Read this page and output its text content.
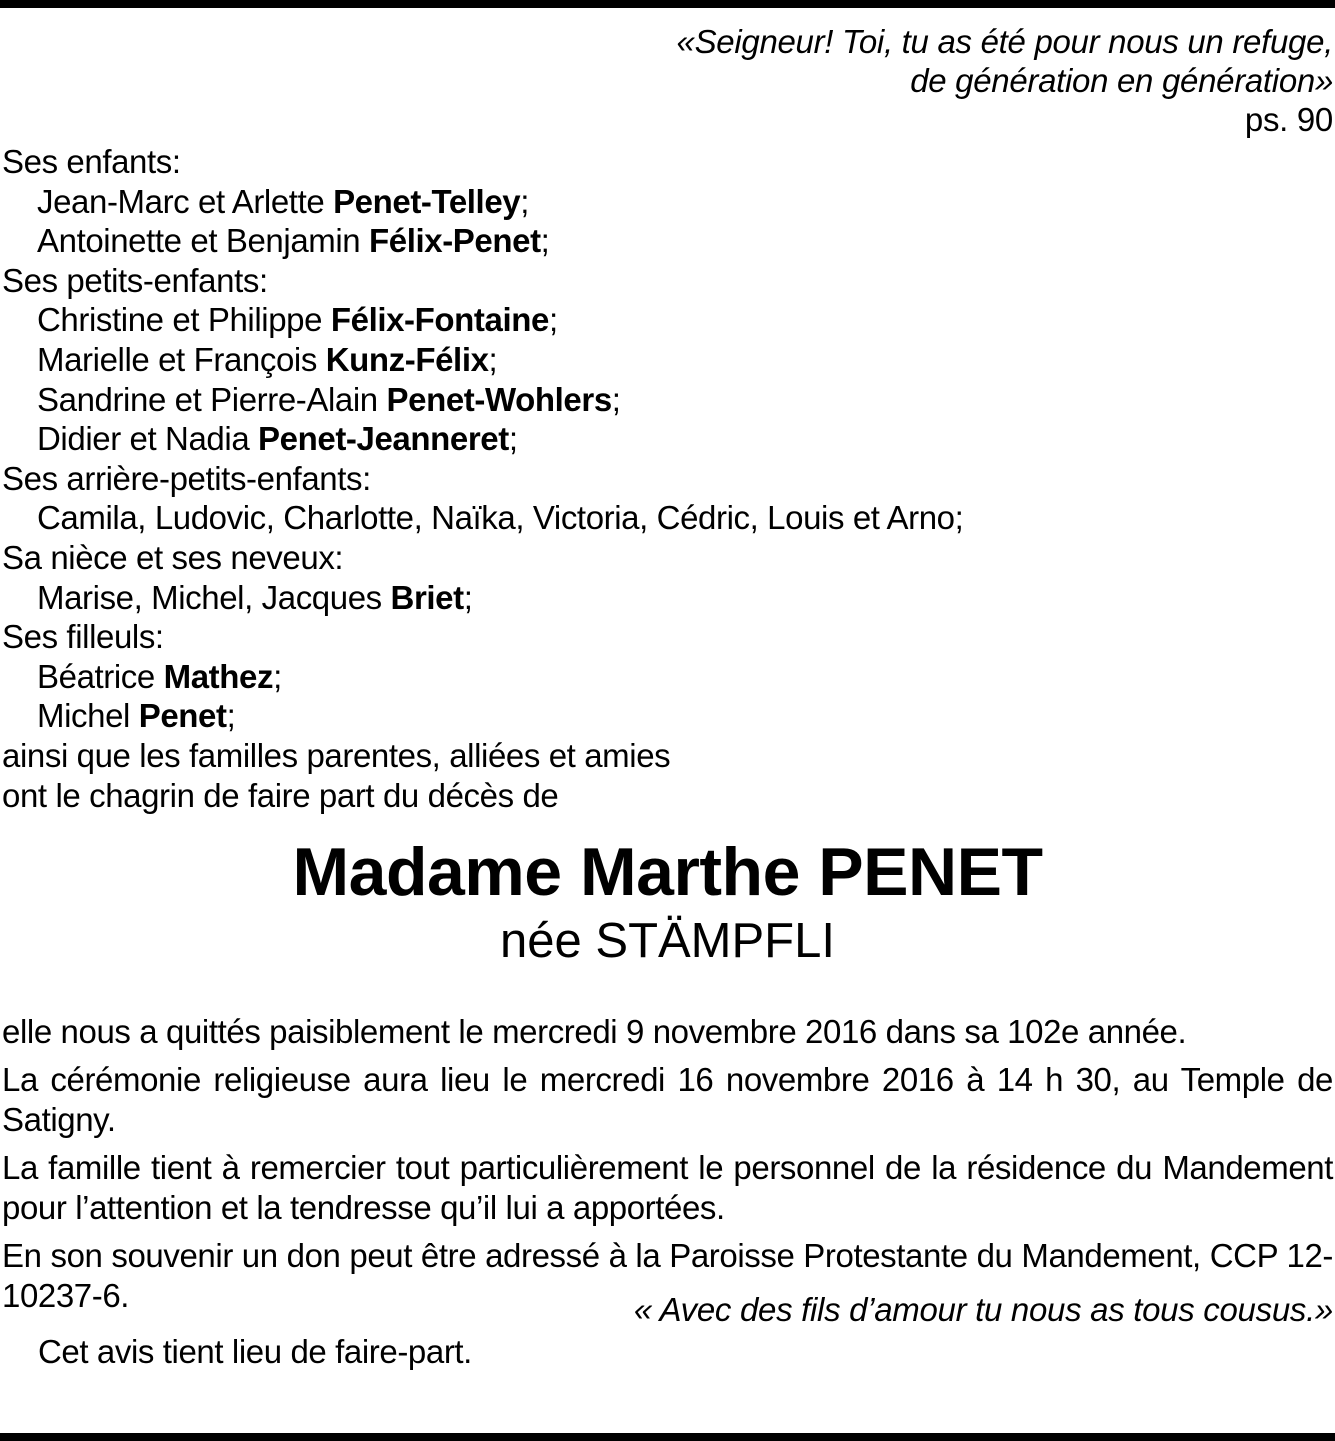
«Seigneur! Toi, tu as été pour nous un refuge,
de génération en génération»
ps. 90
Ses enfants:
Jean-Marc et Arlette Penet-Telley;
Antoinette et Benjamin Félix-Penet;
Ses petits-enfants:
Christine et Philippe Félix-Fontaine;
Marielle et François Kunz-Félix;
Sandrine et Pierre-Alain Penet-Wohlers;
Didier et Nadia Penet-Jeanneret;
Ses arrière-petits-enfants:
Camila, Ludovic, Charlotte, Naïka, Victoria, Cédric, Louis et Arno;
Sa nièce et ses neveux:
Marise, Michel, Jacques Briet;
Ses filleuls:
Béatrice Mathez;
Michel Penet;
ainsi que les familles parentes, alliées et amies
ont le chagrin de faire part du décès de
Madame Marthe PENET
née STÄMPFLI

elle nous a quittés paisiblement le mercredi 9 novembre 2016 dans sa 102e année.

La cérémonie religieuse aura lieu le mercredi 16 novembre 2016 à 14 h 30, au Temple de Satigny.

La famille tient à remercier tout particulièrement le personnel de la résidence du Mandement pour l’attention et la tendresse qu’il lui a apportées.

En son souvenir un don peut être adressé à la Paroisse Protestante du Mandement, CCP 12-10237-6.	« Avec des fils d’amour tu nous as tous cousus.»
Cet avis tient lieu de faire-part.
